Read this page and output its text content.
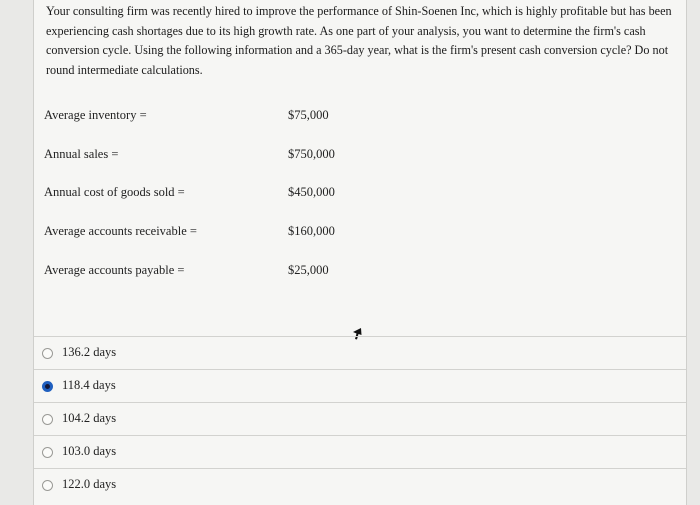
Your consulting firm was recently hired to improve the performance of Shin-Soenen Inc, which is highly profitable but has been experiencing cash shortages due to its high growth rate. As one part of your analysis, you want to determine the firm's cash conversion cycle. Using the following information and a 365-day year, what is the firm's present cash conversion cycle? Do not round intermediate calculations.

Average inventory =	$75,000
Annual sales =	$750,000
Annual cost of goods sold =	$450,000
Average accounts receivable =	$160,000
Average accounts payable =	$25,000
136.2 days
118.4 days
104.2 days
103.0 days
122.0 days
